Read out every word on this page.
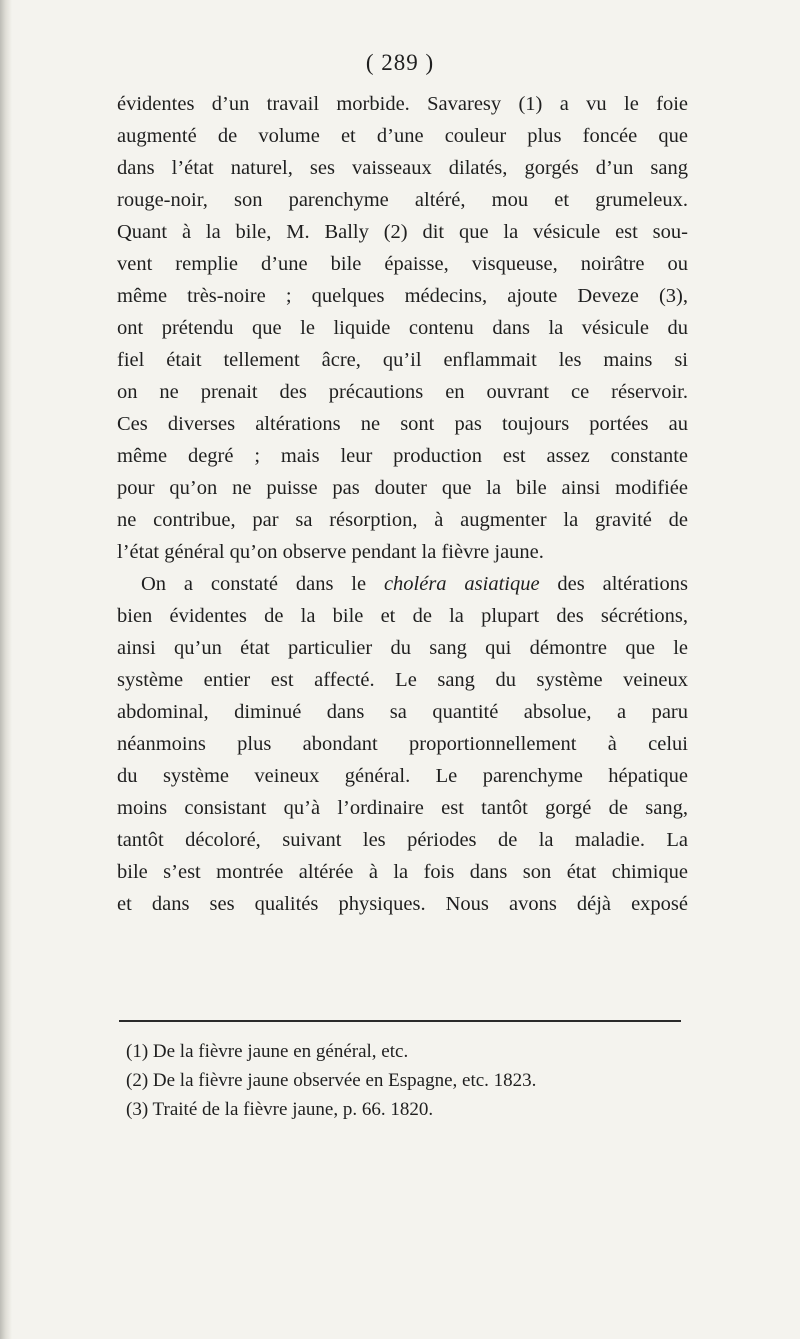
( 289 )
évidentes d’un travail morbide. Savaresy (1) a vu le foie
augmenté de volume et d’une couleur plus foncée que
dans l’état naturel, ses vaisseaux dilatés, gorgés d’un sang
rouge-noir, son parenchyme altéré, mou et grumeleux.
Quant à la bile, M. Bally (2) dit que la vésicule est sou-
vent remplie d’une bile épaisse, visqueuse, noirâtre ou
même très-noire ; quelques médecins, ajoute Deveze (3),
ont prétendu que le liquide contenu dans la vésicule du
fiel était tellement âcre, qu’il enflammait les mains si
on ne prenait des précautions en ouvrant ce réservoir.
Ces diverses altérations ne sont pas toujours portées au
même degré ; mais leur production est assez constante
pour qu’on ne puisse pas douter que la bile ainsi modifiée
ne contribue, par sa résorption, à augmenter la gravité de
l’état général qu’on observe pendant la fièvre jaune.
On a constaté dans le choléra asiatique des altérations
bien évidentes de la bile et de la plupart des sécrétions,
ainsi qu’un état particulier du sang qui démontre que le
système entier est affecté. Le sang du système veineux
abdominal, diminué dans sa quantité absolue, a paru
néanmoins plus abondant proportionnellement à celui
du système veineux général. Le parenchyme hépatique
moins consistant qu’à l’ordinaire est tantôt gorgé de sang,
tantôt décoloré, suivant les périodes de la maladie. La
bile s’est montrée altérée à la fois dans son état chimique
et dans ses qualités physiques. Nous avons déjà exposé
(1) De la fièvre jaune en général, etc.
(2) De la fièvre jaune observée en Espagne, etc. 1823.
(3) Traité de la fièvre jaune, p. 66. 1820.
